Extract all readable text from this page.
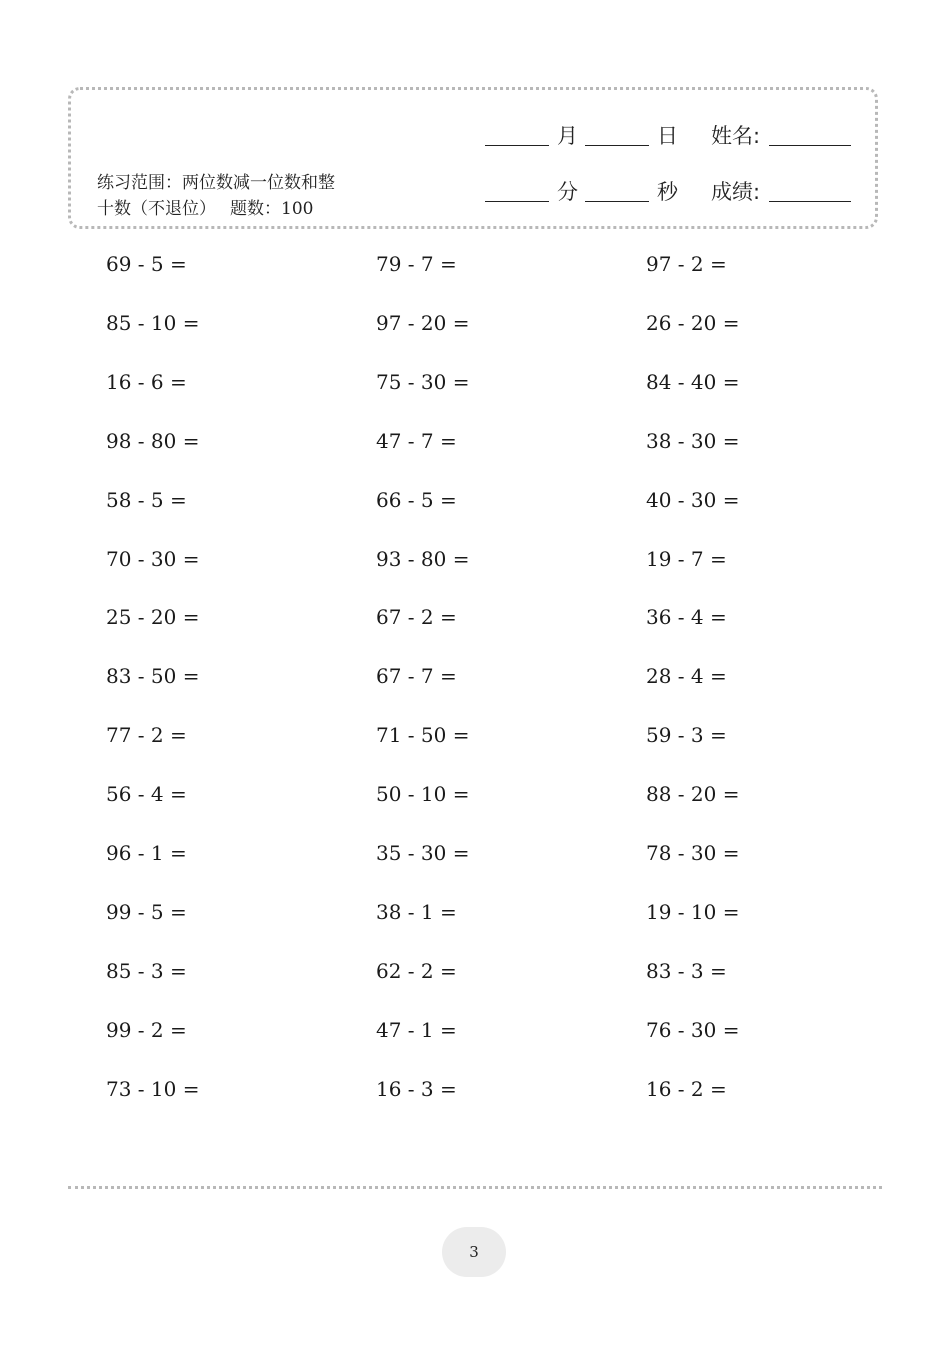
练习范围：两位数减一位数和整
十数（不退位） 题数：100
月	日 姓名:
分	秒 成绩:
69 - 5 =
85 - 10 =
16 - 6 =
98 - 80 =
58 - 5 =
70 - 30 =
25 - 20 =
83 - 50 =
77 - 2 =
56 - 4 =
96 - 1 =
99 - 5 =
85 - 3 =
99 - 2 =
73 - 10 =
79 - 7 =
97 - 20 =
75 - 30 =
47 - 7 =
66 - 5 =
93 - 80 =
67 - 2 =
67 - 7 =
71 - 50 =
50 - 10 =
35 - 30 =
38 - 1 =
62 - 2 =
47 - 1 =
16 - 3 =
97 - 2 =
26 - 20 =
84 - 40 =
38 - 30 =
40 - 30 =
19 - 7 =
36 - 4 =
28 - 4 =
59 - 3 =
88 - 20 =
78 - 30 =
19 - 10 =
83 - 3 =
76 - 30 =
16 - 2 =
3
